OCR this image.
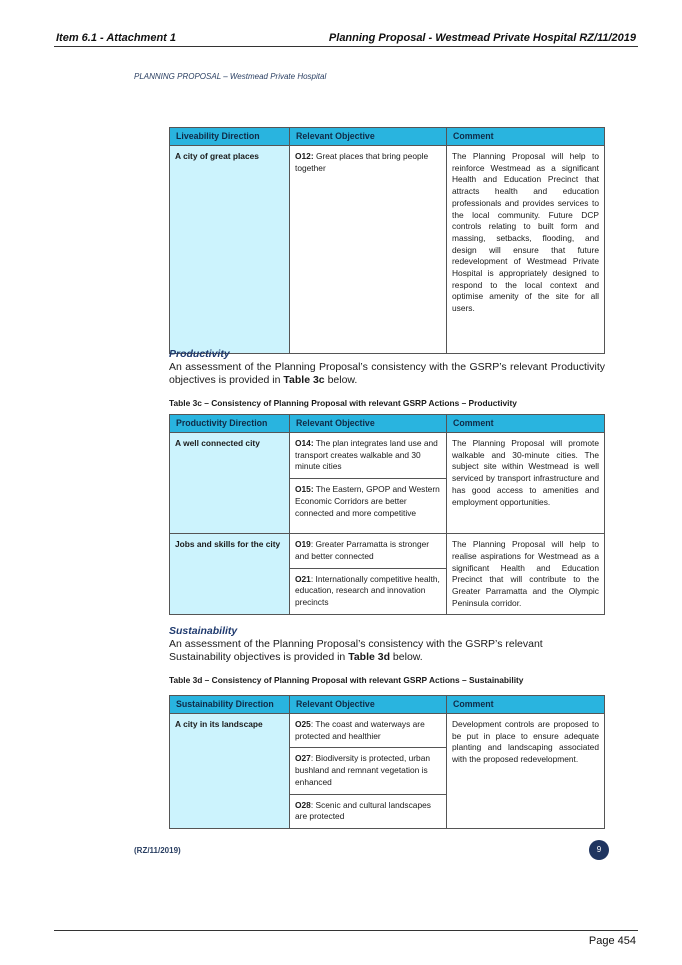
Item 6.1 - Attachment 1	Planning Proposal - Westmead Private Hospital RZ/11/2019
PLANNING PROPOSAL – Westmead Private Hospital
Liveability Direction	Relevant Objective	Comment
A city of great places	O12: Great places that bring people together	The Planning Proposal will help to reinforce Westmead as a significant Health and Education Precinct that attracts health and education professionals and provides services to the local community. Future DCP controls relating to built form and massing, setbacks, flooding, and design will ensure that future redevelopment of Westmead Private Hospital is appropriately designed to respond to the local context and optimise amenity of the site for all users.
Productivity
An assessment of the Planning Proposal’s consistency with the GSRP’s relevant Productivity objectives is provided in Table 3c below.
Table 3c – Consistency of Planning Proposal with relevant GSRP Actions – Productivity
Productivity Direction	Relevant Objective	Comment
A well connected city	O14: The plan integrates land use and transport creates walkable and 30 minute cities	The Planning Proposal will promote walkable and 30-minute cities. The subject site within Westmead is well serviced by transport infrastructure and has good access to amenities and employment opportunities.
	O15: The Eastern, GPOP and Western Economic Corridors are better connected and more competitive	
Jobs and skills for the city	O19: Greater Parramatta is stronger and better connected	The Planning Proposal will help to realise aspirations for Westmead as a significant Health and Education Precinct that will contribute to the Greater Parramatta and the Olympic Peninsula corridor.
	O21: Internationally competitive health, education, research and innovation precincts	
Sustainability
An assessment of the Planning Proposal’s consistency with the GSRP’s relevant Sustainability objectives is provided in Table 3d below.
Table 3d – Consistency of Planning Proposal with relevant GSRP Actions – Sustainability
Sustainability Direction	Relevant Objective	Comment
A city in its landscape	O25: The coast and waterways are protected and healthier	Development controls are proposed to be put in place to ensure adequate planting and landscaping associated with the proposed redevelopment.
	O27: Biodiversity is protected, urban bushland and remnant vegetation is enhanced	
	O28: Scenic and cultural landscapes are protected	
(RZ/11/2019)	9
Page 454
